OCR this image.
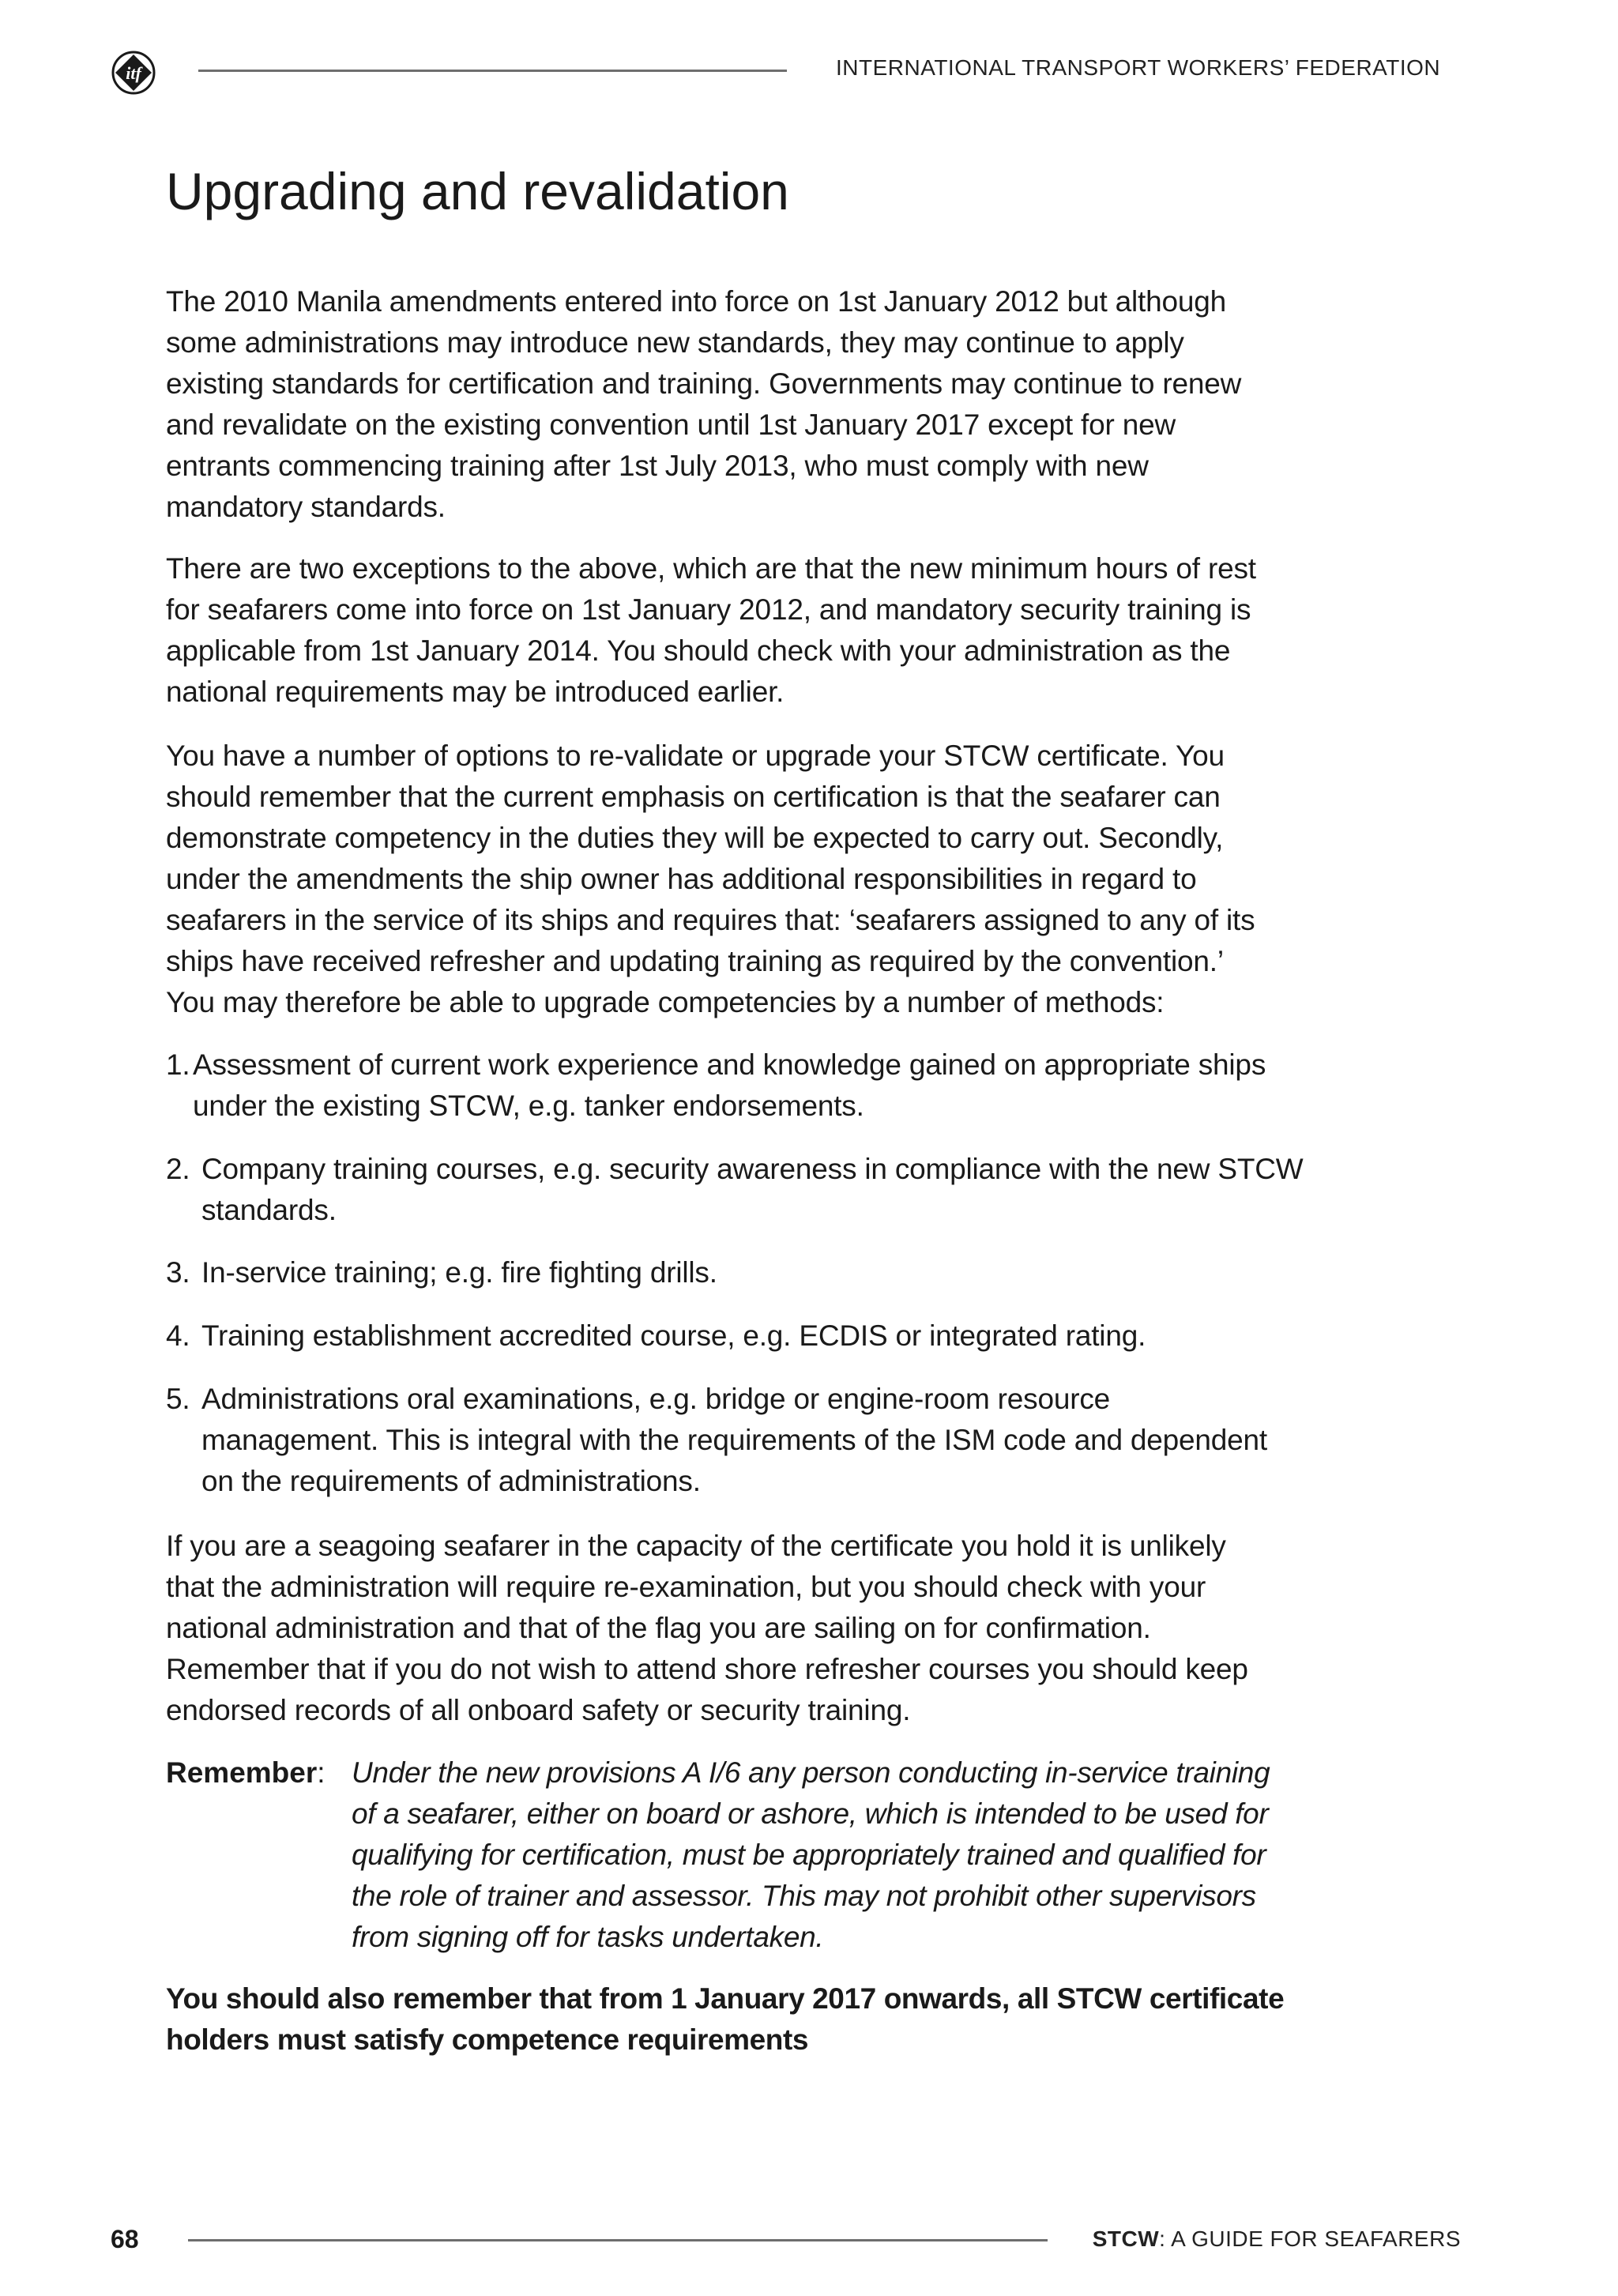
itf	INTERNATIONAL TRANSPORT WORKERS’ FEDERATION
Upgrading and revalidation
The 2010 Manila amendments entered into force on 1st January 2012 but although
some administrations may introduce new standards, they may continue to apply
existing standards for certification and training. Governments may continue to renew
and revalidate on the existing convention until 1st January 2017 except for new
entrants commencing training after 1st July 2013, who must comply with new
mandatory standards.
There are two exceptions to the above, which are that the new minimum hours of rest
for seafarers come into force on 1st January 2012, and mandatory security training is
applicable from 1st January 2014. You should check with your administration as the
national requirements may be introduced earlier.
You have a number of options to re-validate or upgrade your STCW certificate. You
should remember that the current emphasis on certification is that the seafarer can
demonstrate competency in the duties they will be expected to carry out. Secondly,
under the amendments the ship owner has additional responsibilities in regard to
seafarers in the service of its ships and requires that: ‘seafarers assigned to any of its
ships have received refresher and updating training as required by the convention.’
You may therefore be able to upgrade competencies by a number of methods:
1. Assessment of current work experience and knowledge gained on appropriate ships
under the existing STCW, e.g. tanker endorsements.
2. Company training courses, e.g. security awareness in compliance with the new STCW
standards.
3. In-service training; e.g. fire fighting drills.
4. Training establishment accredited course, e.g. ECDIS or integrated rating.
5. Administrations oral examinations, e.g. bridge or engine-room resource
management. This is integral with the requirements of the ISM code and dependent
on the requirements of administrations.
If you are a seagoing seafarer in the capacity of the certificate you hold it is unlikely
that the administration will require re-examination, but you should check with your
national administration and that of the flag you are sailing on for confirmation.
Remember that if you do not wish to attend shore refresher courses you should keep
endorsed records of all onboard safety or security training.
Remember: Under the new provisions A I/6 any person conducting in-service training
of a seafarer, either on board or ashore, which is intended to be used for
qualifying for certification, must be appropriately trained and qualified for
the role of trainer and assessor. This may not prohibit other supervisors
from signing off for tasks undertaken.
You should also remember that from 1 January 2017 onwards, all STCW certificate
holders must satisfy competence requirements
68	STCW: A GUIDE FOR SEAFARERS
